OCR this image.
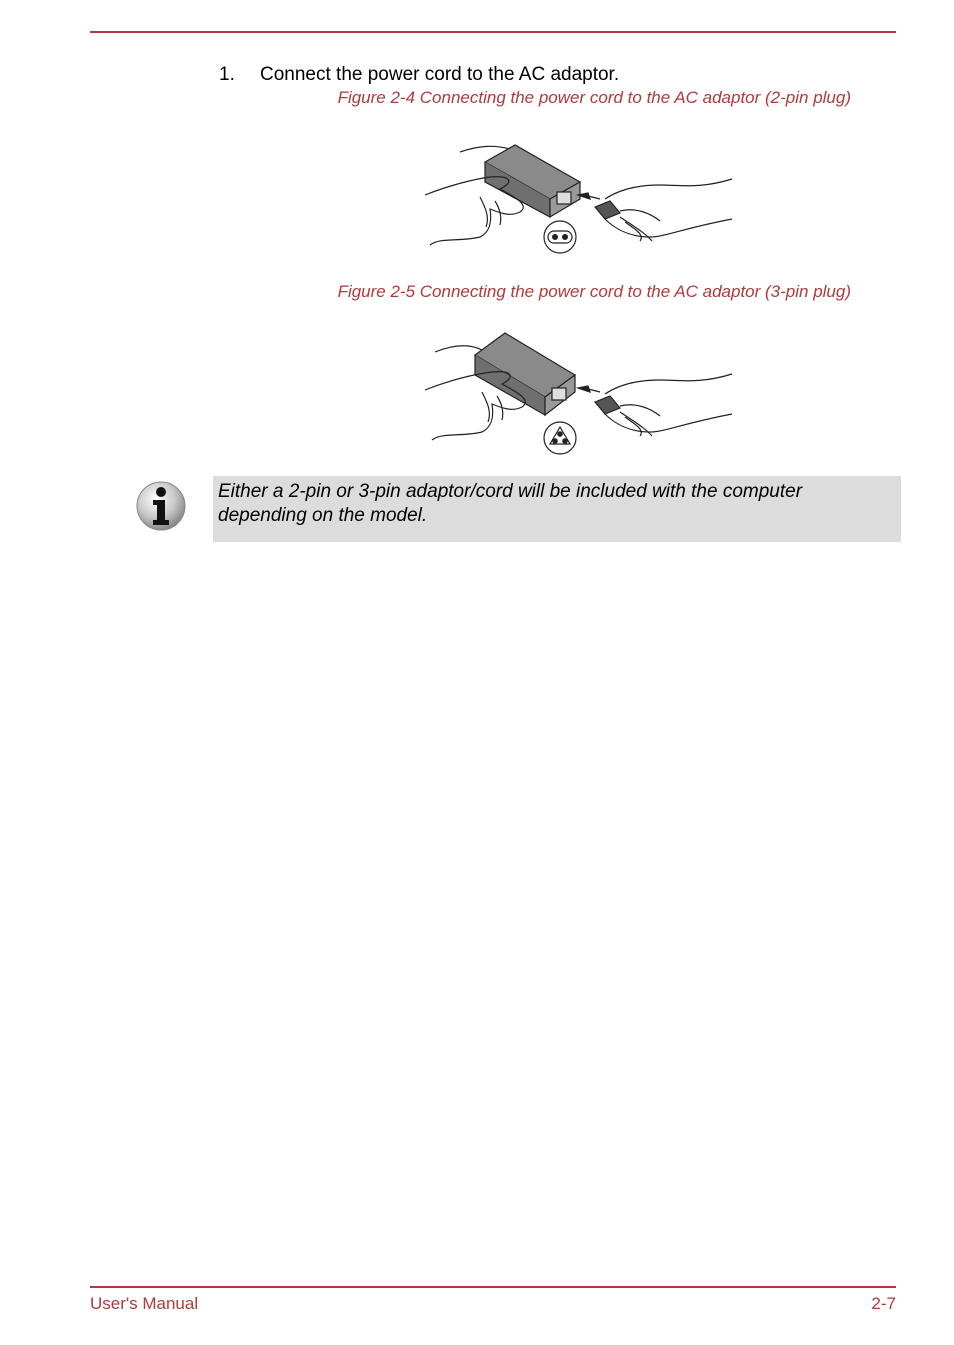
1.	Connect the power cord to the AC adaptor.
Figure 2-4 Connecting the power cord to the AC adaptor (2-pin plug)
Figure 2-5 Connecting the power cord to the AC adaptor (3-pin plug)
Either a 2-pin or 3-pin adaptor/cord will be included with the computer depending on the model.
User's Manual	2-7
